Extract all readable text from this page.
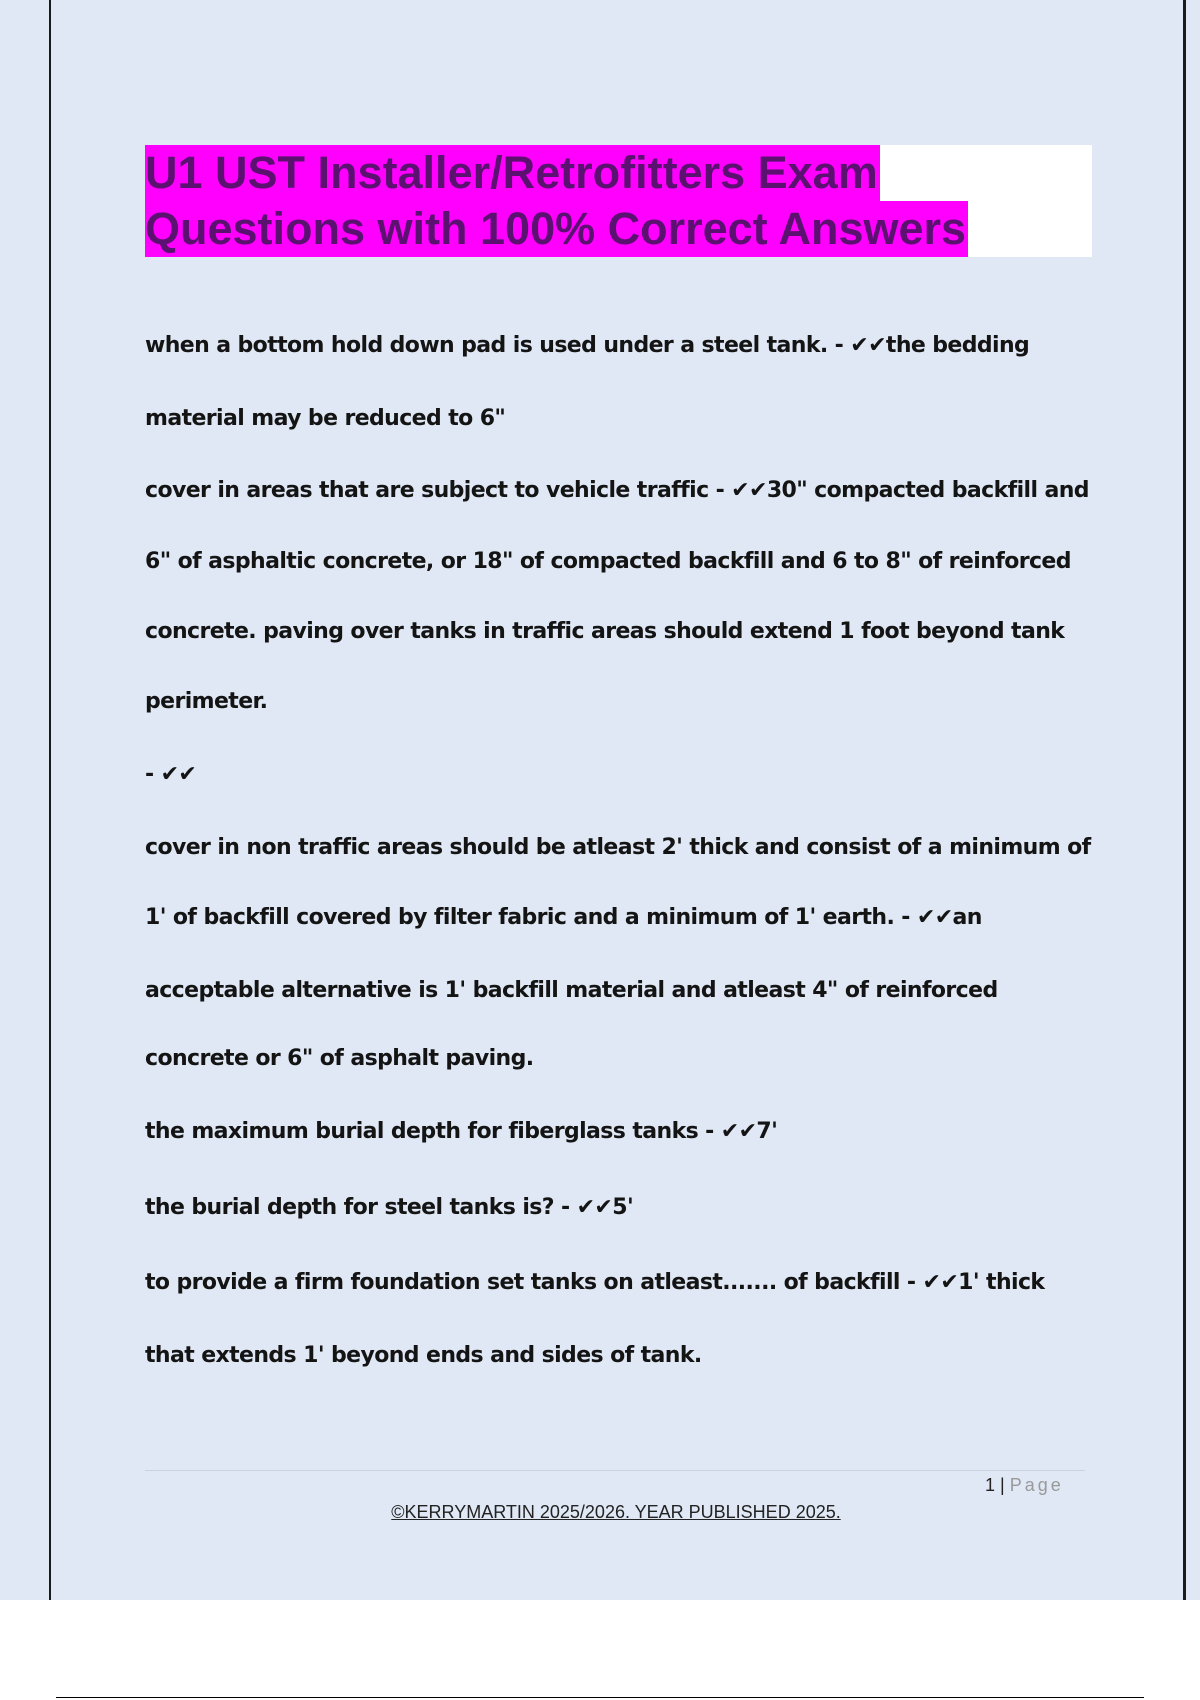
U1 UST Installer/Retrofitters Exam
Questions with 100% Correct Answers
when a bottom hold down pad is used under a steel tank. - ✔✔the bedding
material may be reduced to 6"
cover in areas that are subject to vehicle traffic - ✔✔30" compacted backfill and
6" of asphaltic concrete, or 18" of compacted backfill and 6 to 8" of reinforced
concrete. paving over tanks in traffic areas should extend 1 foot beyond tank
perimeter.
- ✔✔
cover in non traffic areas should be atleast 2' thick and consist of a minimum of
1' of backfill covered by filter fabric and a minimum of 1' earth. - ✔✔an
acceptable alternative is 1' backfill material and atleast 4" of reinforced
concrete or 6" of asphalt paving.
the maximum burial depth for fiberglass tanks - ✔✔7'
the burial depth for steel tanks is? - ✔✔5'
to provide a firm foundation set tanks on atleast....... of backfill - ✔✔1' thick
that extends 1' beyond ends and sides of tank.
1 | Page
©KERRYMARTIN 2025/2026. YEAR PUBLISHED 2025.
